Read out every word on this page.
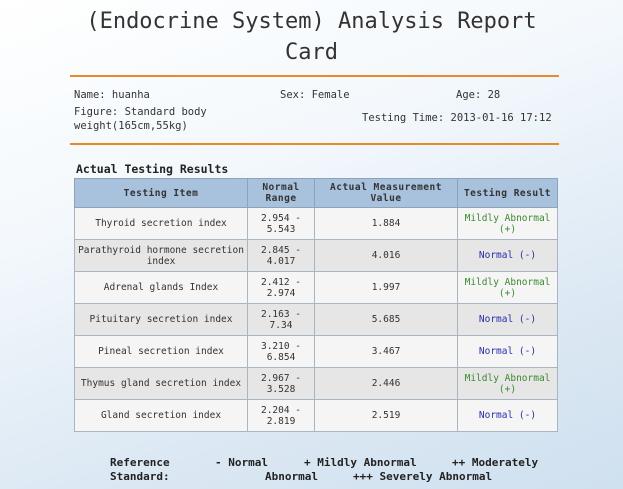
(Endocrine System) Analysis Report
Card
Name: huanha	Sex: Female	Age: 28
Figure: Standard body
weight(165cm,55kg)
Testing Time: 2013-01-16 17:12
Actual Testing Results
Testing Item	Normal Range	Actual Measurement Value	Testing Result
Thyroid secretion index	2.954 - 5.543	1.884	Mildly Abnormal (+)
Parathyroid hormone secretion index	2.845 - 4.017	4.016	Normal (-)
Adrenal glands Index	2.412 - 2.974	1.997	Mildly Abnormal (+)
Pituitary secretion index	2.163 - 7.34	5.685	Normal (-)
Pineal secretion index	3.210 - 6.854	3.467	Normal (-)
Thymus gland secretion index	2.967 - 3.528	2.446	Mildly Abnormal (+)
Gland secretion index	2.204 - 2.819	2.519	Normal (-)
Reference
Standard:
- Normal	+ Mildly Abnormal	++ Moderately
Abnormal	+++ Severely Abnormal
